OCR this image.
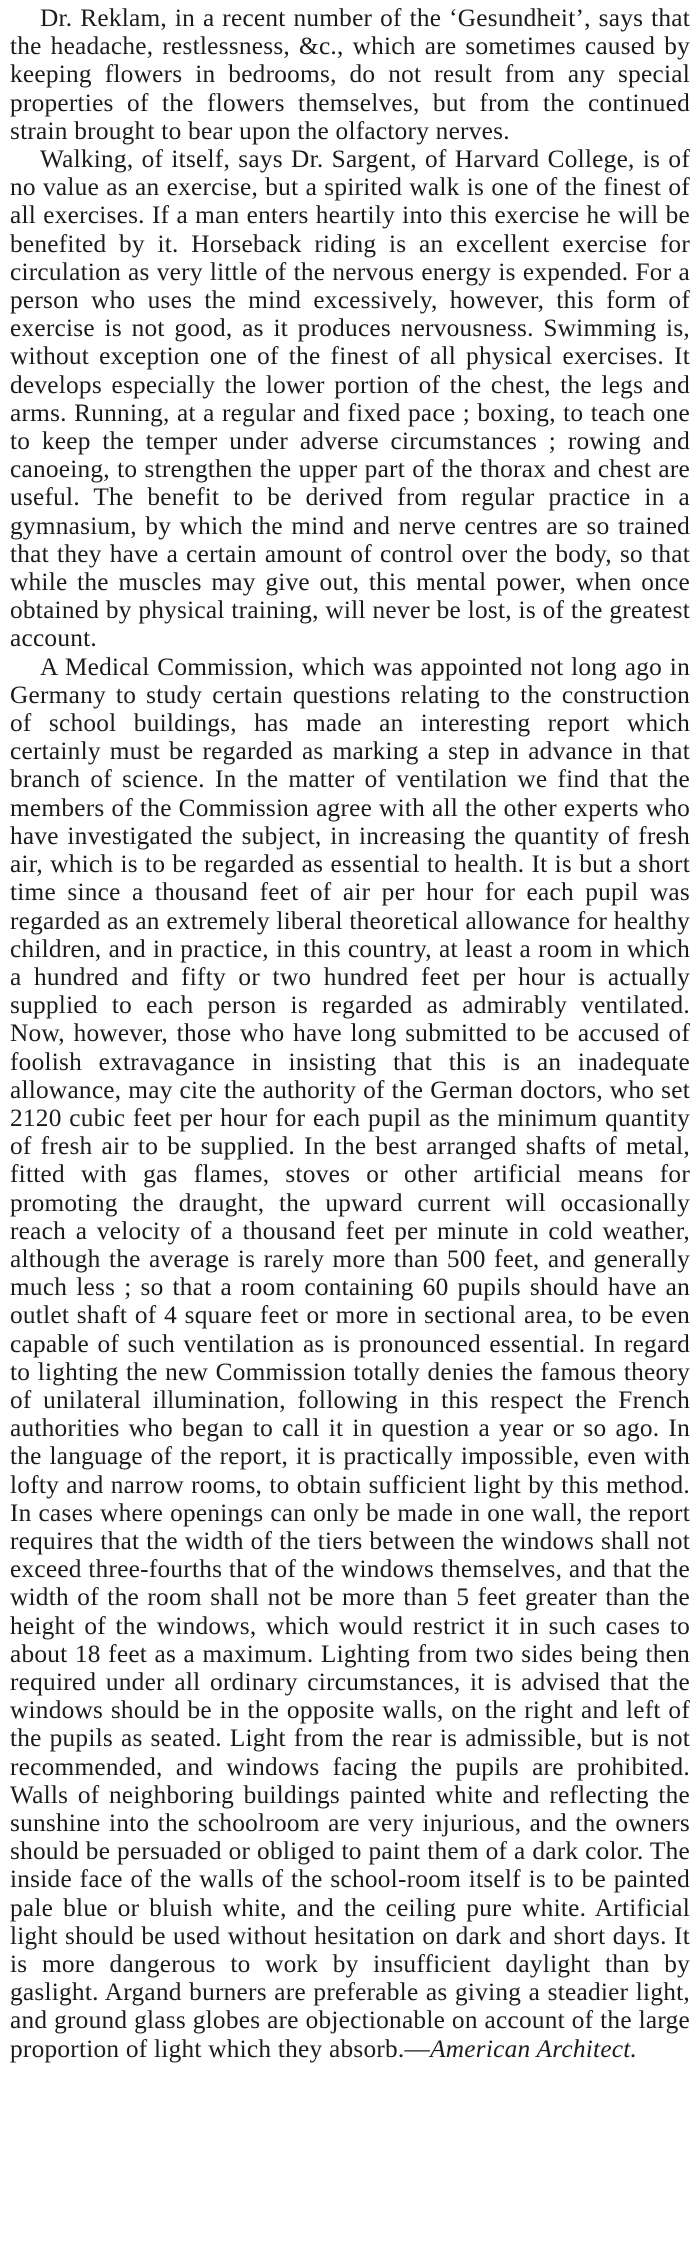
Dr. Reklam, in a recent number of the ‘Gesundheit’, says that the headache, restlessness, &c., which are sometimes caused by keeping flowers in bedrooms, do not result from any special properties of the flowers themselves, but from the continued strain brought to bear upon the olfactory nerves.

Walking, of itself, says Dr. Sargent, of Harvard College, is of no value as an exercise, but a spirited walk is one of the finest of all exercises. If a man enters heartily into this exercise he will be benefited by it. Horseback riding is an excellent exercise for circulation as very little of the nervous energy is expended. For a person who uses the mind excessively, however, this form of exercise is not good, as it produces nervousness. Swimming is, without exception one of the finest of all physical exercises. It develops especially the lower portion of the chest, the legs and arms. Running, at a regular and fixed pace ; boxing, to teach one to keep the temper under adverse circumstances ; rowing and canoeing, to strengthen the upper part of the thorax and chest are useful. The benefit to be derived from regular practice in a gymnasium, by which the mind and nerve centres are so trained that they have a certain amount of control over the body, so that while the muscles may give out, this mental power, when once obtained by physical training, will never be lost, is of the greatest account.

A Medical Commission, which was appointed not long ago in Germany to study certain questions relating to the construction of school buildings, has made an interesting report which certainly must be regarded as marking a step in advance in that branch of science. In the matter of ventilation we find that the members of the Commission agree with all the other experts who have investigated the subject, in increasing the quantity of fresh air, which is to be regarded as essential to health. It is but a short time since a thousand feet of air per hour for each pupil was regarded as an extremely liberal theoretical allowance for healthy children, and in practice, in this country, at least a room in which a hundred and fifty or two hundred feet per hour is actually supplied to each person is regarded as admirably ventilated. Now, however, those who have long submitted to be accused of foolish extravagance in insisting that this is an inadequate allowance, may cite the authority of the German doctors, who set 2120 cubic feet per hour for each pupil as the minimum quantity of fresh air to be supplied. In the best arranged shafts of metal, fitted with gas flames, stoves or other artificial means for promoting the draught, the upward current will occasionally reach a velocity of a thousand feet per minute in cold weather, although the average is rarely more than 500 feet, and generally much less ; so that a room containing 60 pupils should have an outlet shaft of 4 square feet or more in sectional area, to be even capable of such ventilation as is pronounced essential. In regard to lighting the new Commission totally denies the famous theory of unilateral illumination, following in this respect the French authorities who began to call it in question a year or so ago. In the language of the report, it is practically impossible, even with lofty and narrow rooms, to obtain sufficient light by this method. In cases where openings can only be made in one wall, the report requires that the width of the tiers between the windows shall not exceed three-fourths that of the windows themselves, and that the width of the room shall not be more than 5 feet greater than the height of the windows, which would restrict it in such cases to about 18 feet as a maximum. Lighting from two sides being then required under all ordinary circumstances, it is advised that the windows should be in the opposite walls, on the right and left of the pupils as seated. Light from the rear is admissible, but is not recommended, and windows facing the pupils are prohibited. Walls of neighboring buildings painted white and reflecting the sunshine into the schoolroom are very injurious, and the owners should be persuaded or obliged to paint them of a dark color. The inside face of the walls of the school-room itself is to be painted pale blue or bluish white, and the ceiling pure white. Artificial light should be used without hesitation on dark and short days. It is more dangerous to work by insufficient daylight than by gaslight. Argand burners are preferable as giving a steadier light, and ground glass globes are objectionable on account of the large proportion of light which they absorb.—American Architect.
